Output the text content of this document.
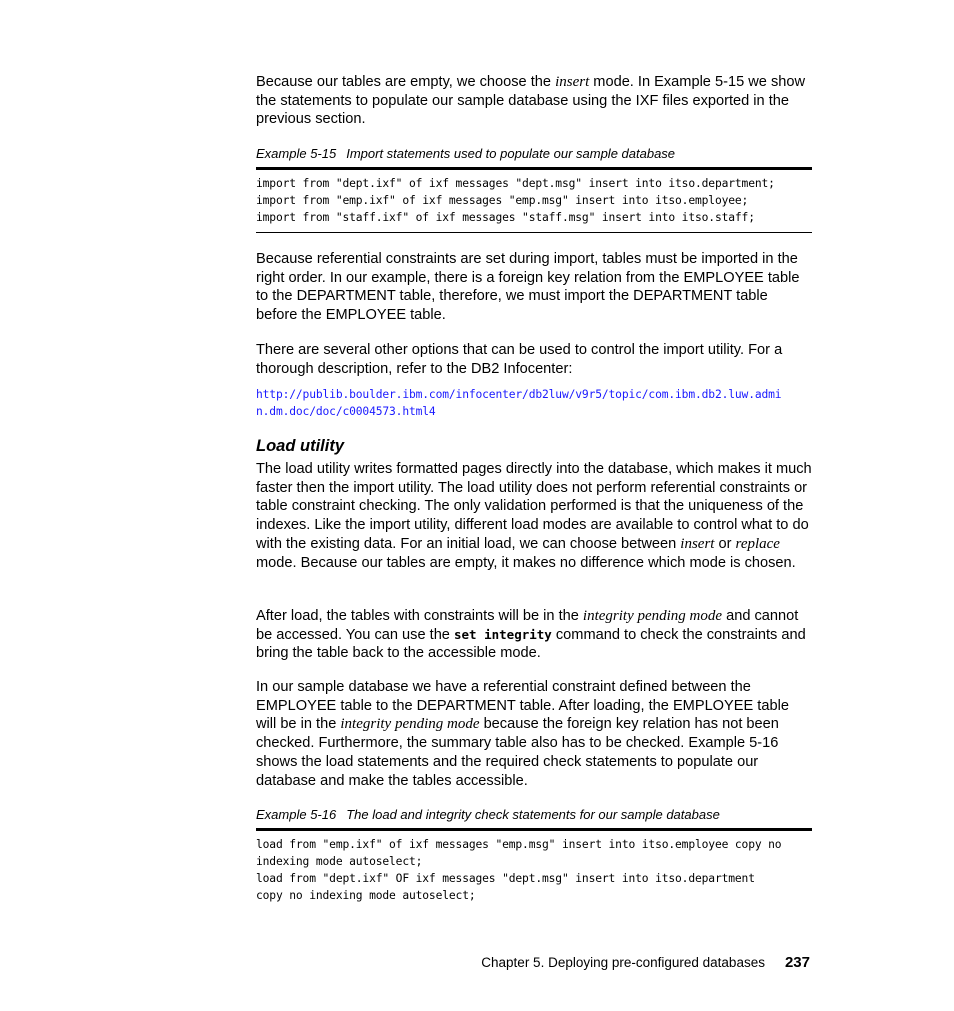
Because our tables are empty, we choose the insert mode. In Example 5-15 we show the statements to populate our sample database using the IXF files exported in the previous section.

Example 5-15 Import statements used to populate our sample database

import from "dept.ixf" of ixf messages "dept.msg" insert into itso.department;
import from "emp.ixf" of ixf messages "emp.msg" insert into itso.employee;
import from "staff.ixf" of ixf messages "staff.msg" insert into itso.staff;

Because referential constraints are set during import, tables must be imported in the right order. In our example, there is a foreign key relation from the EMPLOYEE table to the DEPARTMENT table, therefore, we must import the DEPARTMENT table before the EMPLOYEE table.

There are several other options that can be used to control the import utility. For a thorough description, refer to the DB2 Infocenter:

http://publib.boulder.ibm.com/infocenter/db2luw/v9r5/topic/com.ibm.db2.luw.admi
n.dm.doc/doc/c0004573.html4
Load utility

The load utility writes formatted pages directly into the database, which makes it much faster then the import utility. The load utility does not perform referential constraints or table constraint checking. The only validation performed is that the uniqueness of the indexes. Like the import utility, different load modes are available to control what to do with the existing data. For an initial load, we can choose between insert or replace mode. Because our tables are empty, it makes no difference which mode is chosen.

After load, the tables with constraints will be in the integrity pending mode and cannot be accessed. You can use the set integrity command to check the constraints and bring the table back to the accessible mode.

In our sample database we have a referential constraint defined between the EMPLOYEE table to the DEPARTMENT table. After loading, the EMPLOYEE table will be in the integrity pending mode because the foreign key relation has not been checked. Furthermore, the summary table also has to be checked. Example 5-16 shows the load statements and the required check statements to populate our database and make the tables accessible.

Example 5-16 The load and integrity check statements for our sample database

load from "emp.ixf" of ixf messages "emp.msg" insert into itso.employee copy no
indexing mode autoselect;
load from "dept.ixf" OF ixf messages "dept.msg" insert into itso.department
copy no indexing mode autoselect;
Chapter 5. Deploying pre-configured databases 237
